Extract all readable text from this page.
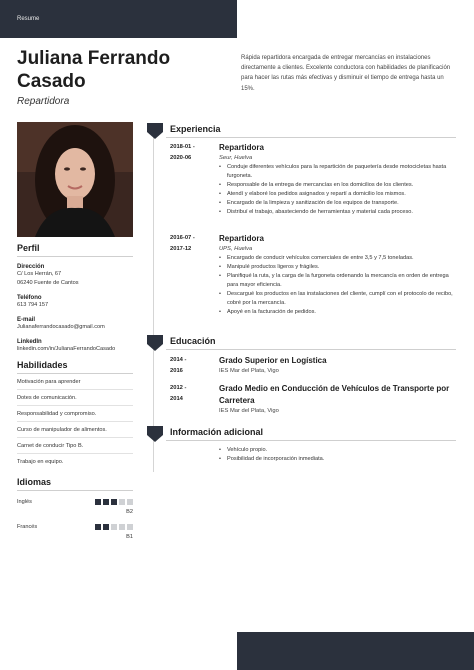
Resume
Juliana Ferrando
Casado
Repartidora
Rápida repartidora encargada de entregar mercancías en instalaciones directamente a clientes. Excelente conductora con habilidades de planificación para hacer las rutas más efectivas y disminuir el tiempo de entrega hasta un 15%.
Perfil
Dirección
C/ Los Herrán, 67
06240 Fuente de Cantos
Teléfono
613 794 157
E-mail
Julianaferrandocasado@gmail.com
LinkedIn
linkedin.com/in/JulianaFerrandoCasado
Habilidades
Motivación para aprender
Dotes de comunicación.
Responsabilidad y compromiso.
Curso de manipulador de alimentos.
Carnet de conducir Tipo B.
Trabajo en equipo.
Idiomas
Inglés
B2
Francés
B1
Experiencia
2018-01 -
2020-06
Repartidora
Seur, Huelva
• Conduje diferentes vehículos para la repartición de paquetería desde motocicletas hasta furgoneta.
• Responsable de la entrega de mercancías en los domicilios de los clientes.
• Atendí y elaboré los pedidos asignados y repartí a domicilio los mismos.
• Encargado de la limpieza y sanitización de los equipos de transporte.
• Distribuí el trabajo, abasteciendo de herramientas y material cada proceso.
2016-07 -
2017-12
Repartidora
UPS, Huelva
• Encargado de conducir vehículos comerciales de entre 3,5 y 7,5 toneladas.
• Manipulé productos ligeros y frágiles.
• Planifiqué la ruta, y la carga de la furgoneta ordenando la mercancía en orden de entrega para mayor eficiencia.
• Descargué los productos en las instalaciones del cliente, cumplí con el protocolo de recibo, cobré por la mercancía.
• Apoyé en la facturación de pedidos.
Educación
2014 -
2016
Grado Superior en Logística
IES Mar del Plata, Vigo
2012 -
2014
Grado Medio en Conducción de Vehículos de Transporte por Carretera
IES Mar del Plata, Vigo
Información adicional
• Vehículo propio.
• Posibilidad de incorporación inmediata.
